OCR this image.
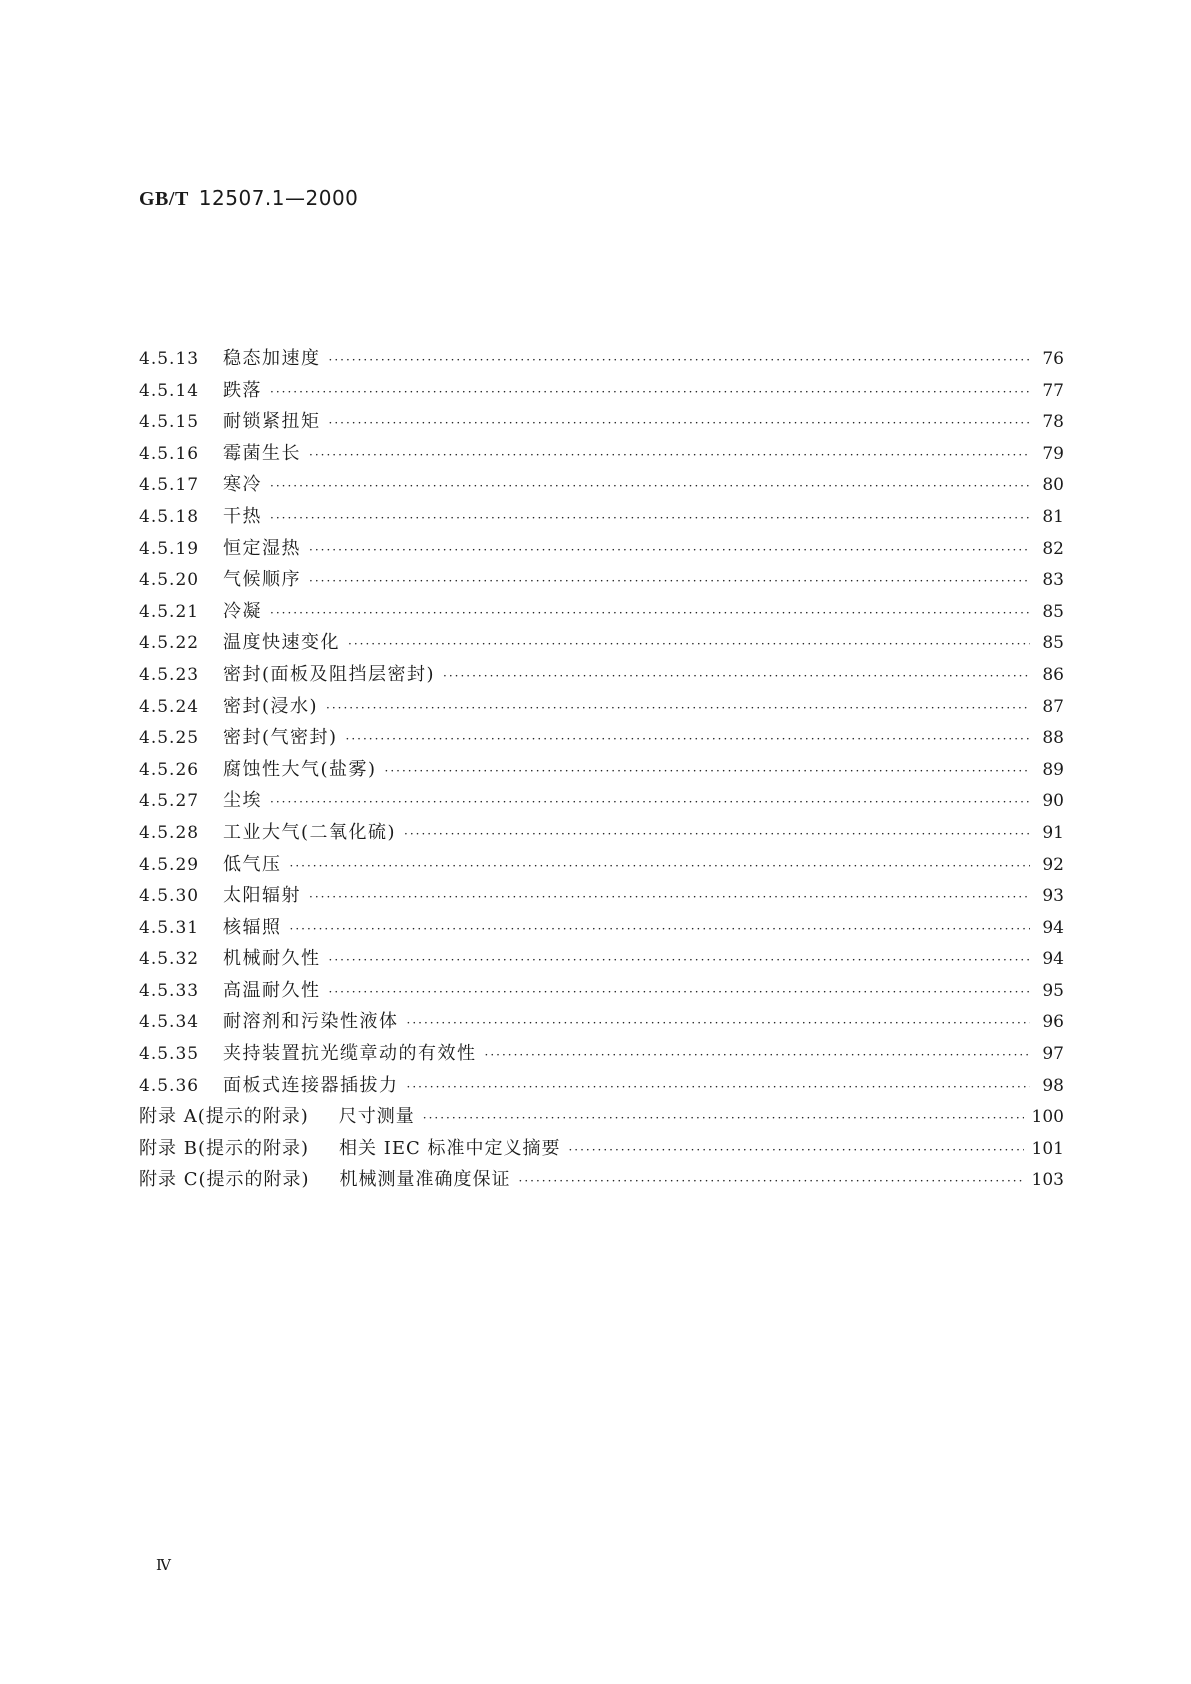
GB/T 12507.1—2000
4.5.13	稳态加速度 ·····	76
4.5.14	跌落 ·····	77
4.5.15	耐锁紧扭矩 ·····	78
4.5.16	霉菌生长 ·····	79
4.5.17	寒冷 ·····	80
4.5.18	干热 ·····	81
4.5.19	恒定湿热 ·····	82
4.5.20	气候顺序 ·····	83
4.5.21	冷凝 ·····	85
4.5.22	温度快速变化 ·····	85
4.5.23	密封(面板及阻挡层密封) ·····	86
4.5.24	密封(浸水) ·····	87
4.5.25	密封(气密封) ·····	88
4.5.26	腐蚀性大气(盐雾) ·····	89
4.5.27	尘埃 ·····	90
4.5.28	工业大气(二氧化硫) ·····	91
4.5.29	低气压 ·····	92
4.5.30	太阳辐射 ·····	93
4.5.31	核辐照 ·····	94
4.5.32	机械耐久性 ·····	94
4.5.33	高温耐久性 ·····	95
4.5.34	耐溶剂和污染性液体 ·····	96
4.5.35	夹持装置抗光缆章动的有效性 ·····	97
4.5.36	面板式连接器插拔力 ·····	98
附录 A(提示的附录)	尺寸测量 ·····	100
附录 B(提示的附录)	相关 IEC 标准中定义摘要 ·····	101
附录 C(提示的附录)	机械测量准确度保证 ·····	103
Ⅳ
